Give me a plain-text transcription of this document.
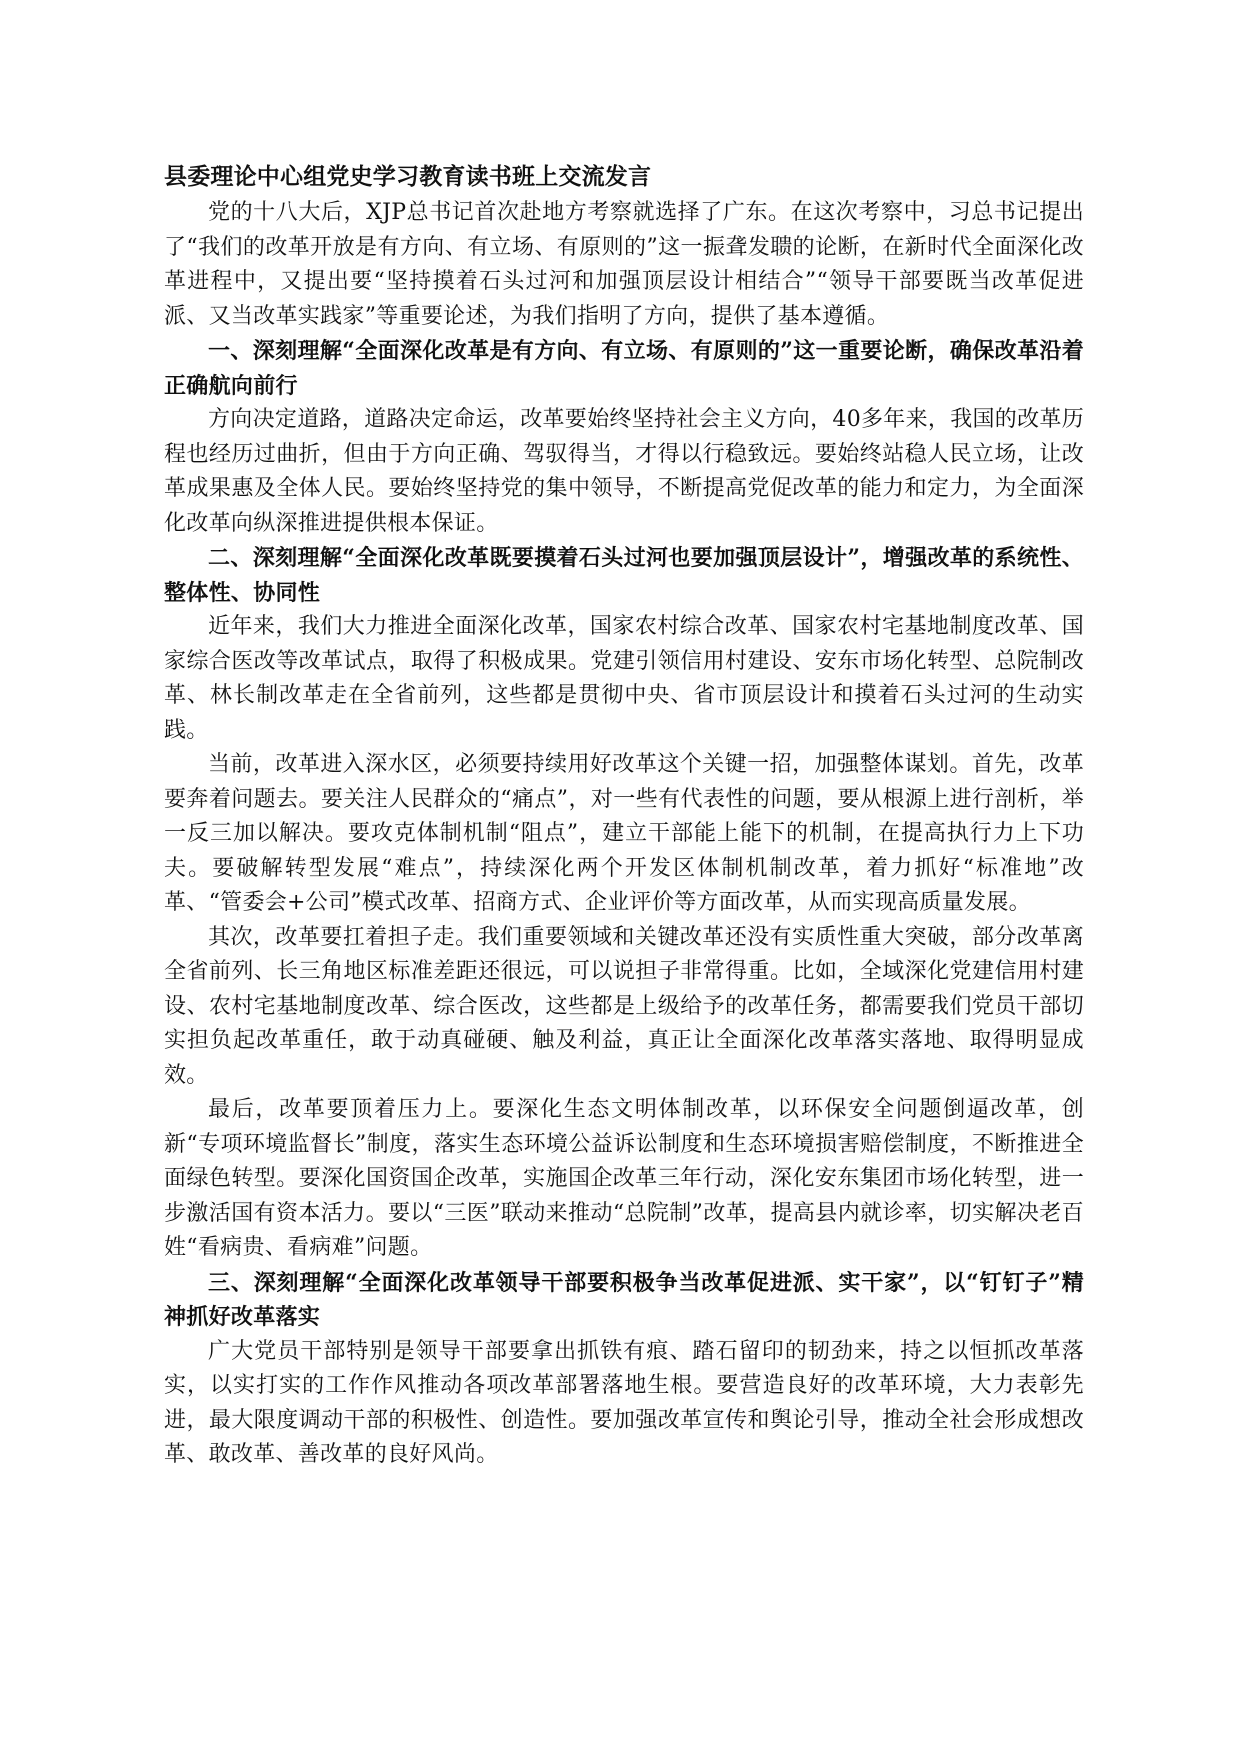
县委理论中心组党史学习教育读书班上交流发言

党的十八大后，XJP总书记首次赴地方考察就选择了广东。在这次考察中，习总书记提出了“我们的改革开放是有方向、有立场、有原则的”这一振聋发聩的论断，在新时代全面深化改革进程中，又提出要“坚持摸着石头过河和加强顶层设计相结合”“领导干部要既当改革促进派、又当改革实践家”等重要论述，为我们指明了方向，提供了基本遵循。

一、深刻理解“全面深化改革是有方向、有立场、有原则的”这一重要论断，确保改革沿着正确航向前行

方向决定道路，道路决定命运，改革要始终坚持社会主义方向，40多年来，我国的改革历程也经历过曲折，但由于方向正确、驾驭得当，才得以行稳致远。要始终站稳人民立场，让改革成果惠及全体人民。要始终坚持党的集中领导，不断提高党促改革的能力和定力，为全面深化改革向纵深推进提供根本保证。

二、深刻理解“全面深化改革既要摸着石头过河也要加强顶层设计”，增强改革的系统性、整体性、协同性

近年来，我们大力推进全面深化改革，国家农村综合改革、国家农村宅基地制度改革、国家综合医改等改革试点，取得了积极成果。党建引领信用村建设、安东市场化转型、总院制改革、林长制改革走在全省前列，这些都是贯彻中央、省市顶层设计和摸着石头过河的生动实践。

当前，改革进入深水区，必须要持续用好改革这个关键一招，加强整体谋划。首先，改革要奔着问题去。要关注人民群众的“痛点”，对一些有代表性的问题，要从根源上进行剖析，举一反三加以解决。要攻克体制机制“阻点”，建立干部能上能下的机制，在提高执行力上下功夫。要破解转型发展“难点”，持续深化两个开发区体制机制改革，着力抓好“标准地”改革、“管委会+公司”模式改革、招商方式、企业评价等方面改革，从而实现高质量发展。

其次，改革要扛着担子走。我们重要领域和关键改革还没有实质性重大突破，部分改革离全省前列、长三角地区标准差距还很远，可以说担子非常得重。比如，全域深化党建信用村建设、农村宅基地制度改革、综合医改，这些都是上级给予的改革任务，都需要我们党员干部切实担负起改革重任，敢于动真碰硬、触及利益，真正让全面深化改革落实落地、取得明显成效。

最后，改革要顶着压力上。要深化生态文明体制改革，以环保安全问题倒逼改革，创新“专项环境监督长”制度，落实生态环境公益诉讼制度和生态环境损害赔偿制度，不断推进全面绿色转型。要深化国资国企改革，实施国企改革三年行动，深化安东集团市场化转型，进一步激活国有资本活力。要以“三医”联动来推动“总院制”改革，提高县内就诊率，切实解决老百姓“看病贵、看病难”问题。

三、深刻理解“全面深化改革领导干部要积极争当改革促进派、实干家”，以“钉钉子”精神抓好改革落实

广大党员干部特别是领导干部要拿出抓铁有痕、踏石留印的韧劲来，持之以恒抓改革落实，以实打实的工作作风推动各项改革部署落地生根。要营造良好的改革环境，大力表彰先进，最大限度调动干部的积极性、创造性。要加强改革宣传和舆论引导，推动全社会形成想改革、敢改革、善改革的良好风尚。
